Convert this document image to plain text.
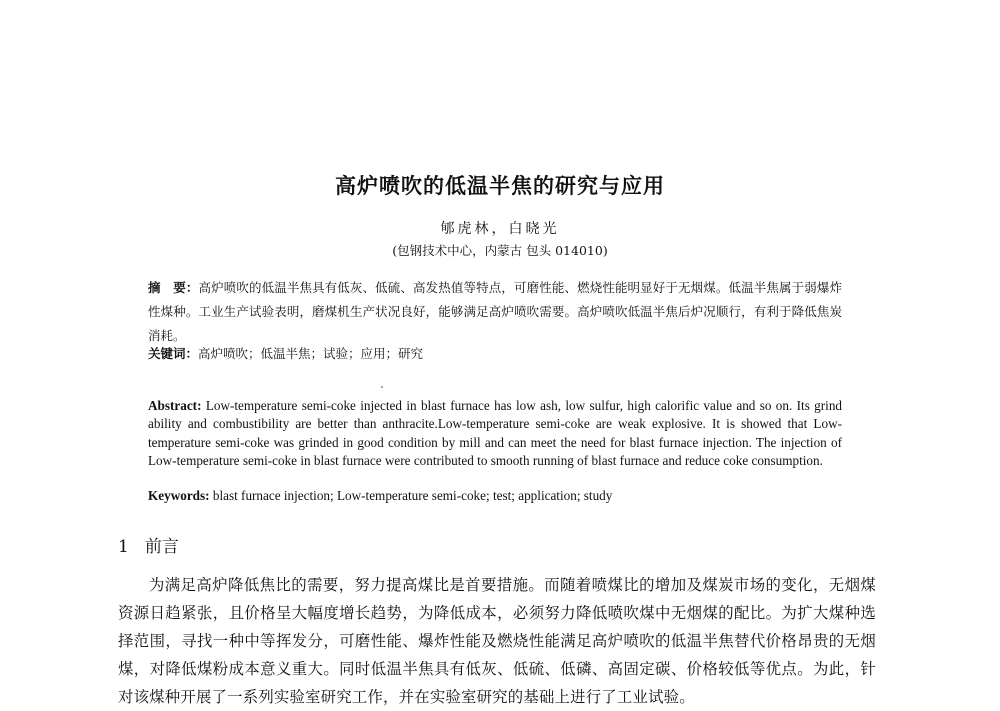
高炉喷吹的低温半焦的研究与应用
郇虎林，白晓光
(包钢技术中心，内蒙古 包头 014010)
摘　要：高炉喷吹的低温半焦具有低灰、低硫、高发热值等特点，可磨性能、燃烧性能明显好于无烟煤。低温半焦属于弱爆炸性煤种。工业生产试验表明，磨煤机生产状况良好，能够满足高炉喷吹需要。高炉喷吹低温半焦后炉况顺行，有利于降低焦炭消耗。
关键词：高炉喷吹；低温半焦；试验；应用；研究
Abstract: Low-temperature semi-coke injected in blast furnace has low ash, low sulfur, high calorific value and so on. Its grind ability and combustibility are better than anthracite.Low-temperature semi-coke are weak explosive. It is showed that Low-temperature semi-coke was grinded in good condition by mill and can meet the need for blast furnace injection. The injection of Low-temperature semi-coke in blast furnace were contributed to smooth running of blast furnace and reduce coke consumption.
Keywords: blast furnace injection; Low-temperature semi-coke; test; application; study
1 前言
为满足高炉降低焦比的需要，努力提高煤比是首要措施。而随着喷煤比的增加及煤炭市场的变化，无烟煤资源日趋紧张，且价格呈大幅度增长趋势，为降低成本，必须努力降低喷吹煤中无烟煤的配比。为扩大煤种选择范围，寻找一种中等挥发分，可磨性能、爆炸性能及燃烧性能满足高炉喷吹的低温半焦替代价格昂贵的无烟煤，对降低煤粉成本意义重大。同时低温半焦具有低灰、低硫、低磷、高固定碳、价格较低等优点。为此，针对该煤种开展了一系列实验室研究工作，并在实验室研究的基础上进行了工业试验。
